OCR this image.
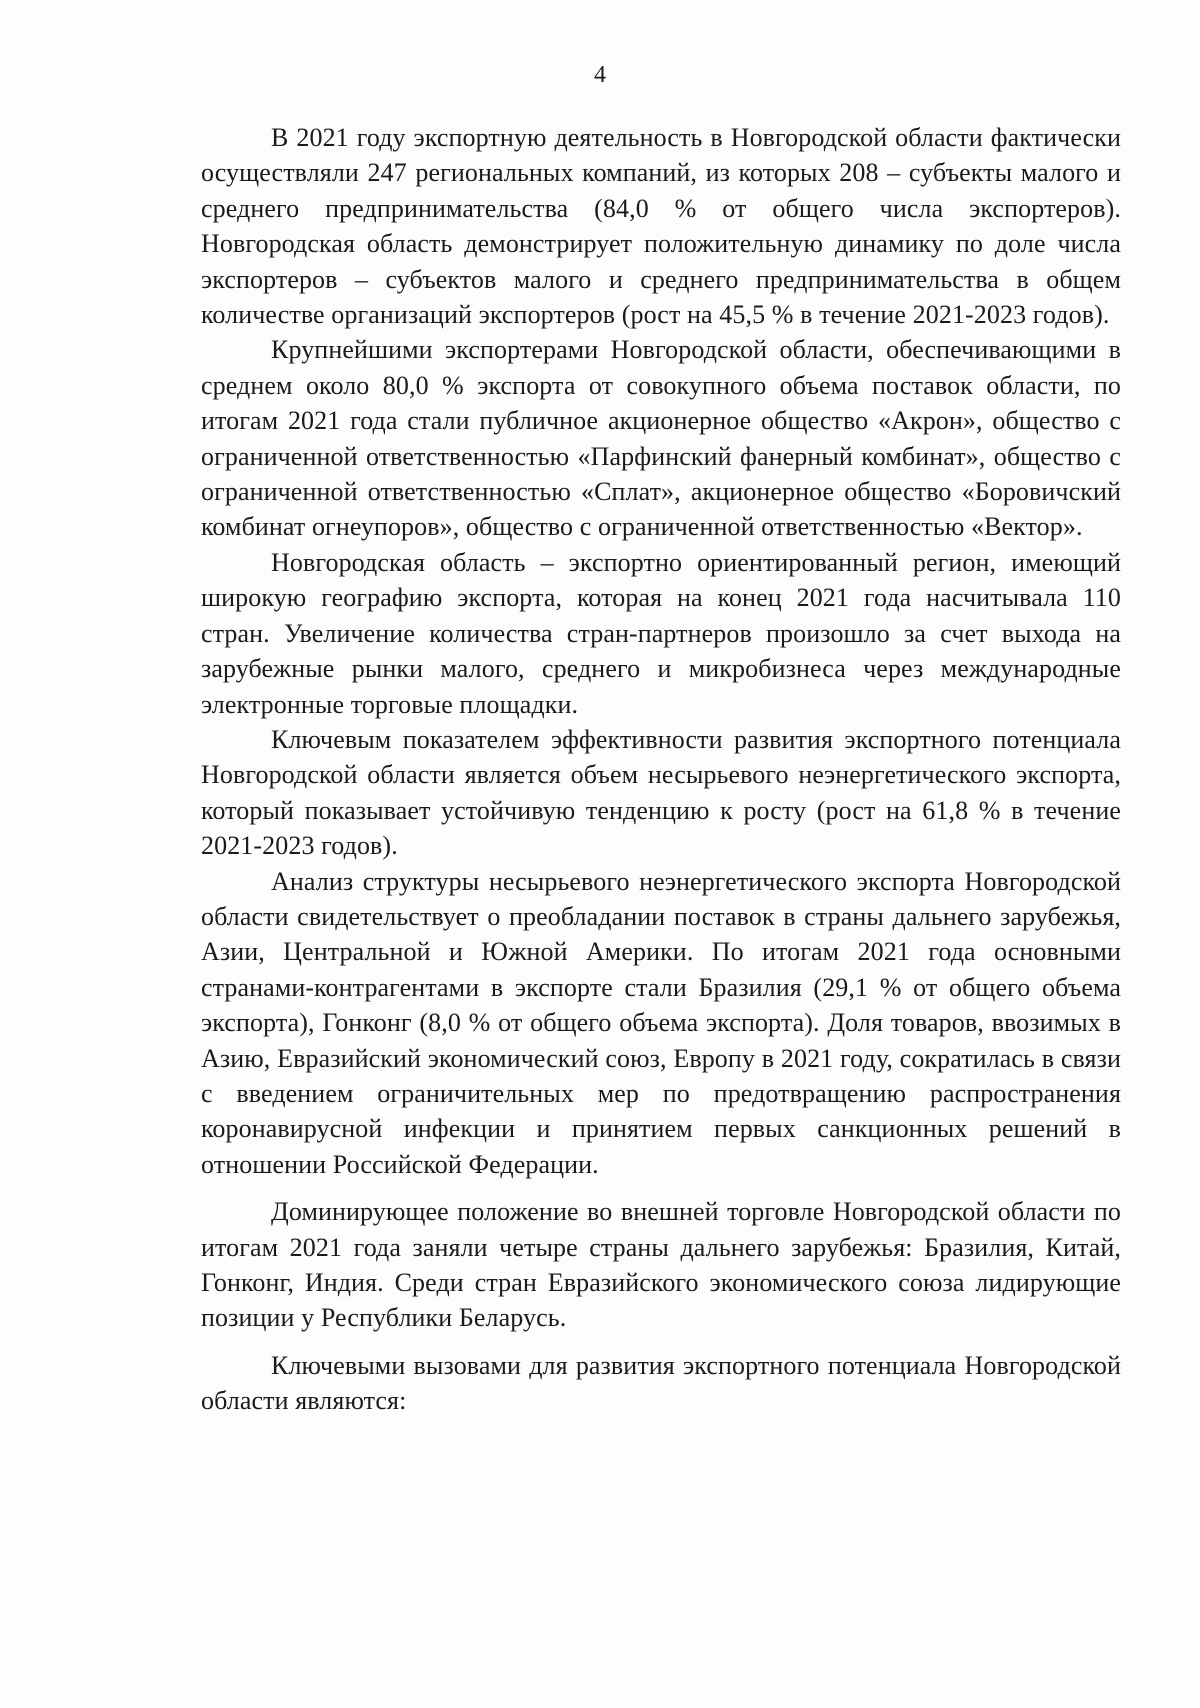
4

В 2021 году экспортную деятельность в Новгородской области фактически осуществляли 247 региональных компаний, из которых 208 – субъекты малого и среднего предпринимательства (84,0 % от общего числа экспортеров). Новгородская область демонстрирует положительную динамику по доле числа экспортеров – субъектов малого и среднего предпринимательства в общем количестве организаций экспортеров (рост на 45,5 % в течение 2021-2023 годов).

Крупнейшими экспортерами Новгородской области, обеспечивающими в среднем около 80,0 % экспорта от совокупного объема поставок области, по итогам 2021 года стали публичное акционерное общество «Акрон», общество с ограниченной ответственностью «Парфинский фанерный комбинат», общество с ограниченной ответственностью «Сплат», акционерное общество «Боровичский комбинат огнеупоров», общество с ограниченной ответственностью «Вектор».

Новгородская область – экспортно ориентированный регион, имеющий широкую географию экспорта, которая на конец 2021 года насчитывала 110 стран. Увеличение количества стран-партнеров произошло за счет выхода на зарубежные рынки малого, среднего и микробизнеса через международные электронные торговые площадки.

Ключевым показателем эффективности развития экспортного потенциала Новгородской области является объем несырьевого неэнергетического экспорта, который показывает устойчивую тенденцию к росту (рост на 61,8 % в течение 2021-2023 годов).

Анализ структуры несырьевого неэнергетического экспорта Новгородской области свидетельствует о преобладании поставок в страны дальнего зарубежья, Азии, Центральной и Южной Америки. По итогам 2021 года основными странами-контрагентами в экспорте стали Бразилия (29,1 % от общего объема экспорта), Гонконг (8,0 % от общего объема экспорта). Доля товаров, ввозимых в Азию, Евразийский экономический союз, Европу в 2021 году, сократилась в связи с введением ограничительных мер по предотвращению распространения коронавирусной инфекции и принятием первых санкционных решений в отношении Российской Федерации.

Доминирующее положение во внешней торговле Новгородской области по итогам 2021 года заняли четыре страны дальнего зарубежья: Бразилия, Китай, Гонконг, Индия. Среди стран Евразийского экономического союза лидирующие позиции у Республики Беларусь.

Ключевыми вызовами для развития экспортного потенциала Новгородской области являются:
